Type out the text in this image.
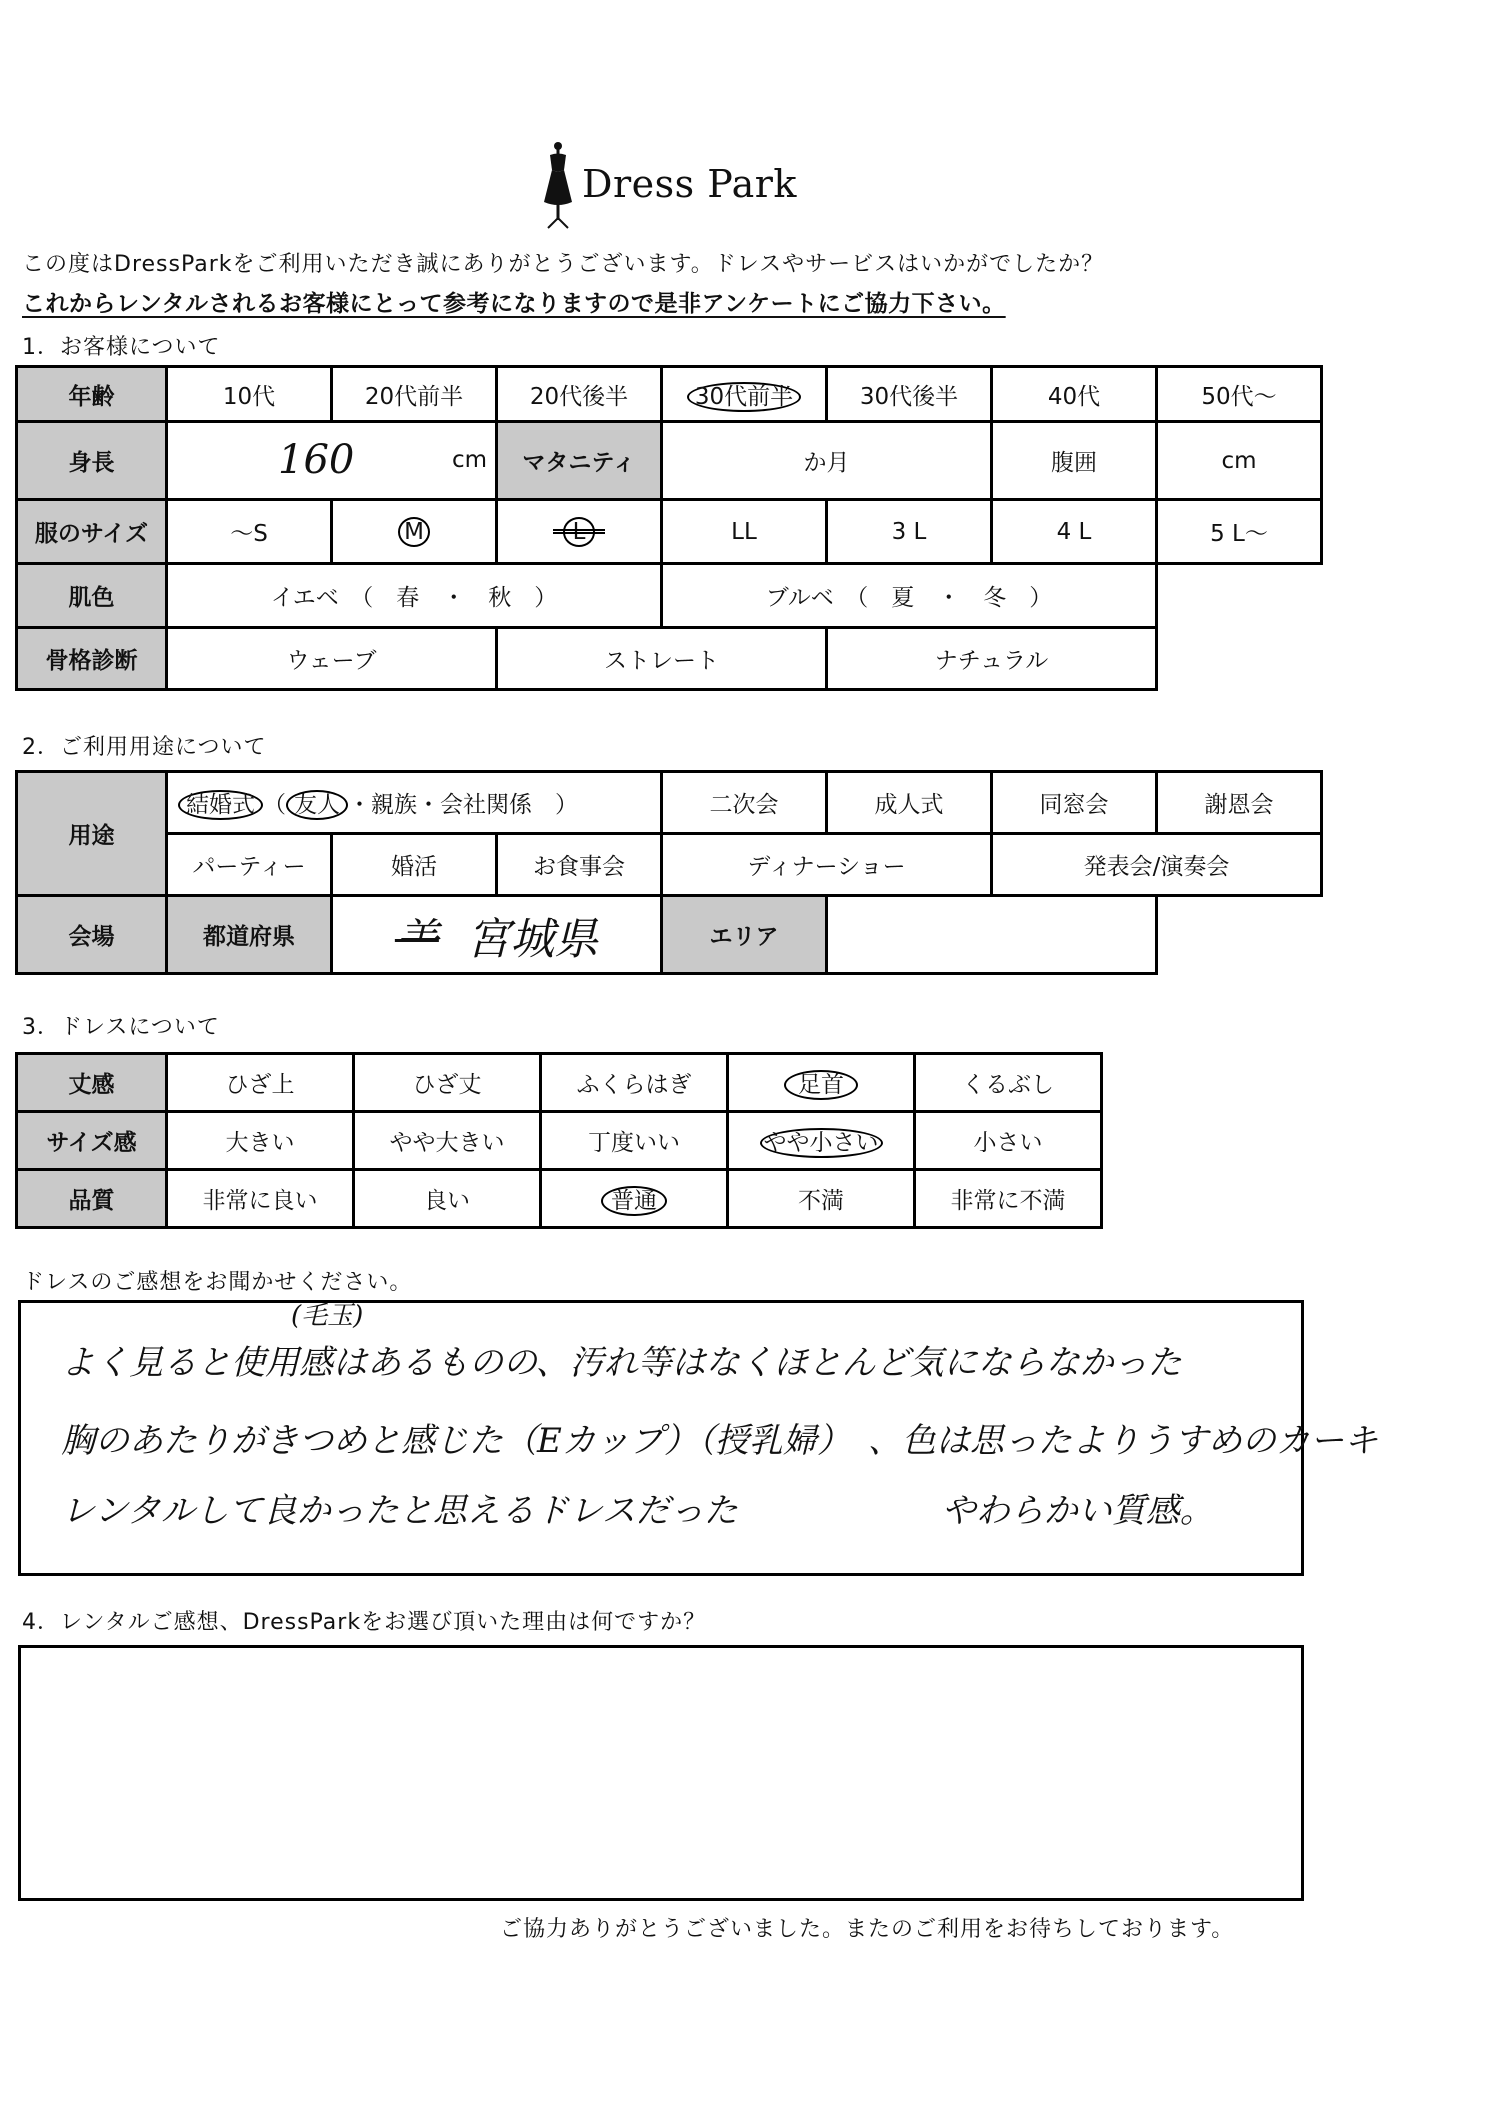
Dress Park
この度はDressParkをご利用いただき誠にありがとうございます。ドレスやサービスはいかがでしたか？
これからレンタルされるお客様にとって参考になりますので是非アンケートにご協力下さい。
1．お客様について
年齢	10代	20代前半	20代後半	30代前半	30代後半	40代	50代〜
身長	160 cm		マタニティ	か月		腹囲	cm
服のサイズ	〜S	M	L	LL	3 L	4 L	5 L〜
肌色	イエベ　（　春　・　秋　）			ブルベ　（　夏　・　冬　）			
骨格診断	ウェーブ		ストレート		ナチュラル		
2．ご利用用途について
用途	結婚式 （ 友人 ・親族・会社関係　）			二次会	成人式	同窓会	謝恩会
	パーティー	婚活	お食事会	ディナーショー		発表会/演奏会	
会場	都道府県	⺷ 宮城県		エリア			
3．ドレスについて
丈感	ひざ上	ひざ丈	ふくらはぎ	足首	くるぶし
サイズ感	大きい	やや大きい	丁度いい	やや小さい	小さい
品質	非常に良い	良い	普通	不満	非常に不満
ドレスのご感想をお聞かせください。
(毛玉)
よく見ると使用感はあるものの、汚れ等はなくほとんど気にならなかった
胸のあたりがきつめと感じた（Eカップ）（授乳婦）　、色は思ったよりうすめのカーキ
レンタルして良かったと思えるドレスだった　　　　　　やわらかい質感。
4．レンタルご感想、DressParkをお選び頂いた理由は何ですか？
ご協力ありがとうございました。またのご利用をお待ちしております。
